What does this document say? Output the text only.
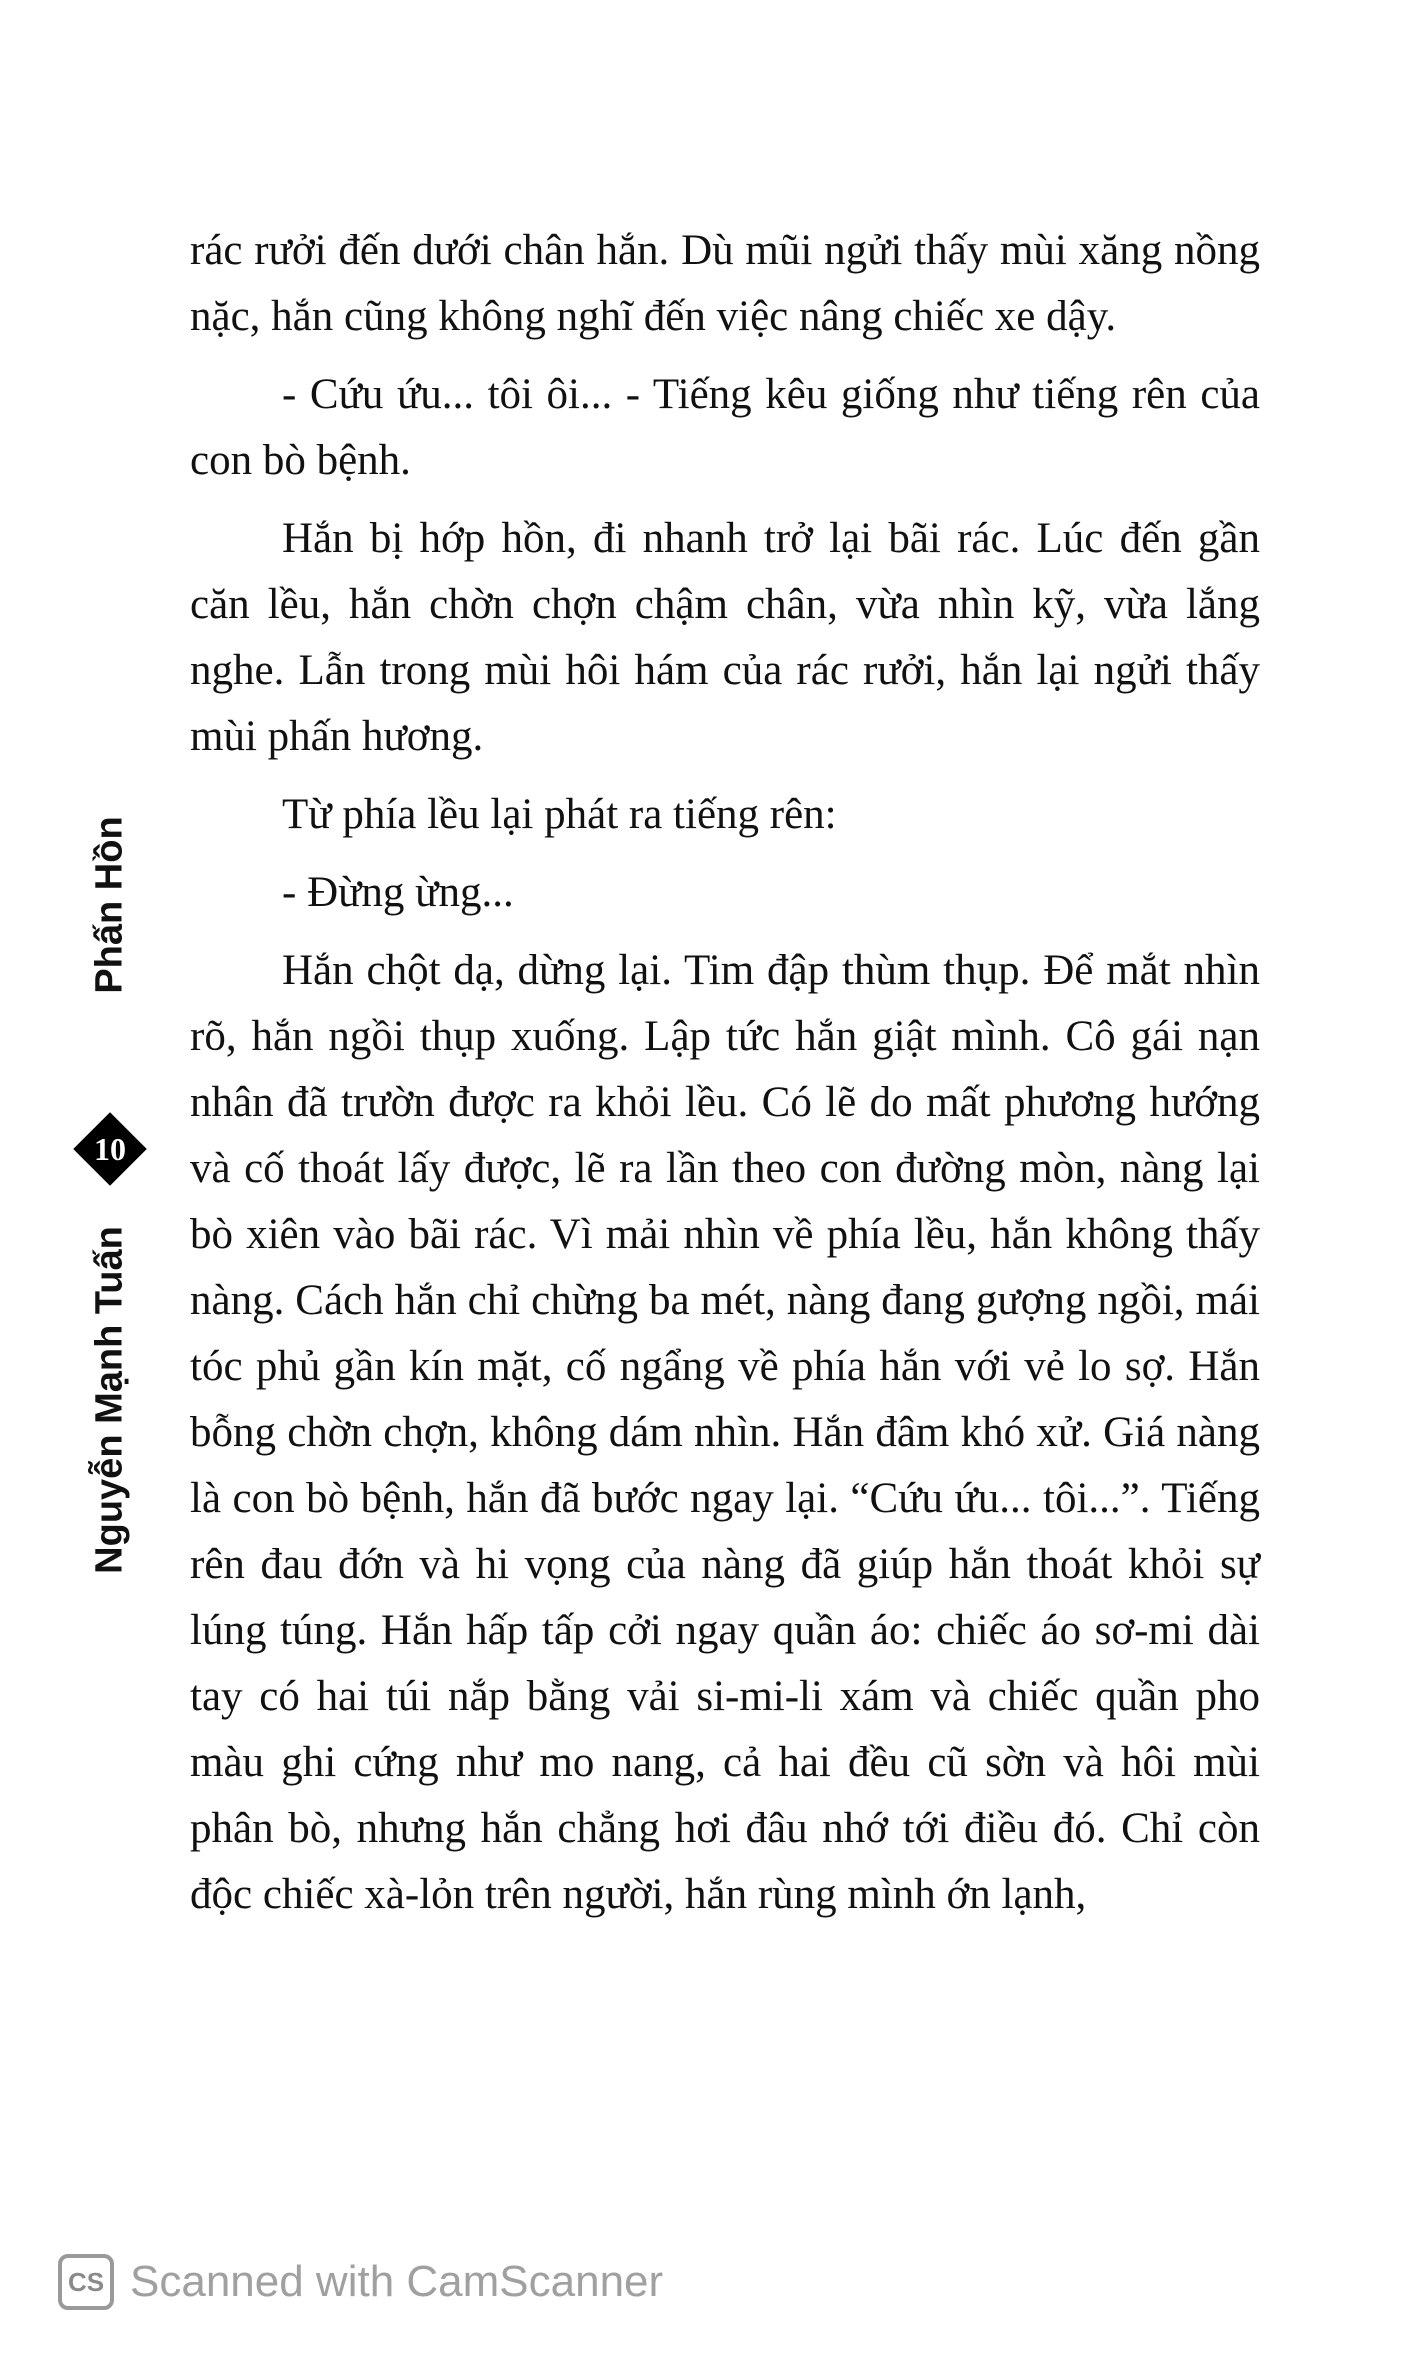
rác rưởi đến dưới chân hắn. Dù mũi ngửi thấy mùi xăng nồng nặc, hắn cũng không nghĩ đến việc nâng chiếc xe dậy.

- Cứu ứu... tôi ôi... - Tiếng kêu giống như tiếng rên của con bò bệnh.

Hắn bị hớp hồn, đi nhanh trở lại bãi rác. Lúc đến gần căn lều, hắn chờn chợn chậm chân, vừa nhìn kỹ, vừa lắng nghe. Lẫn trong mùi hôi hám của rác rưởi, hắn lại ngửi thấy mùi phấn hương.

Từ phía lều lại phát ra tiếng rên:

- Đừng ừng...

Hắn chột dạ, dừng lại. Tim đập thùm thụp. Để mắt nhìn rõ, hắn ngồi thụp xuống. Lập tức hắn giật mình. Cô gái nạn nhân đã trườn được ra khỏi lều. Có lẽ do mất phương hướng và cố thoát lấy được, lẽ ra lần theo con đường mòn, nàng lại bò xiên vào bãi rác. Vì mải nhìn về phía lều, hắn không thấy nàng. Cách hắn chỉ chừng ba mét, nàng đang gượng ngồi, mái tóc phủ gần kín mặt, cố ngẩng về phía hắn với vẻ lo sợ. Hắn bỗng chờn chợn, không dám nhìn. Hắn đâm khó xử. Giá nàng là con bò bệnh, hắn đã bước ngay lại. “Cứu ứu... tôi...”. Tiếng rên đau đớn và hi vọng của nàng đã giúp hắn thoát khỏi sự lúng túng. Hắn hấp tấp cởi ngay quần áo: chiếc áo sơ-mi dài tay có hai túi nắp bằng vải si-mi-li xám và chiếc quần pho màu ghi cứng như mo nang, cả hai đều cũ sờn và hôi mùi phân bò, nhưng hắn chẳng hơi đâu nhớ tới điều đó. Chỉ còn độc chiếc xà-lỏn trên người, hắn rùng mình ớn lạnh,

Phấn Hồn
10
Nguyễn Mạnh Tuấn
CS Scanned with CamScanner
